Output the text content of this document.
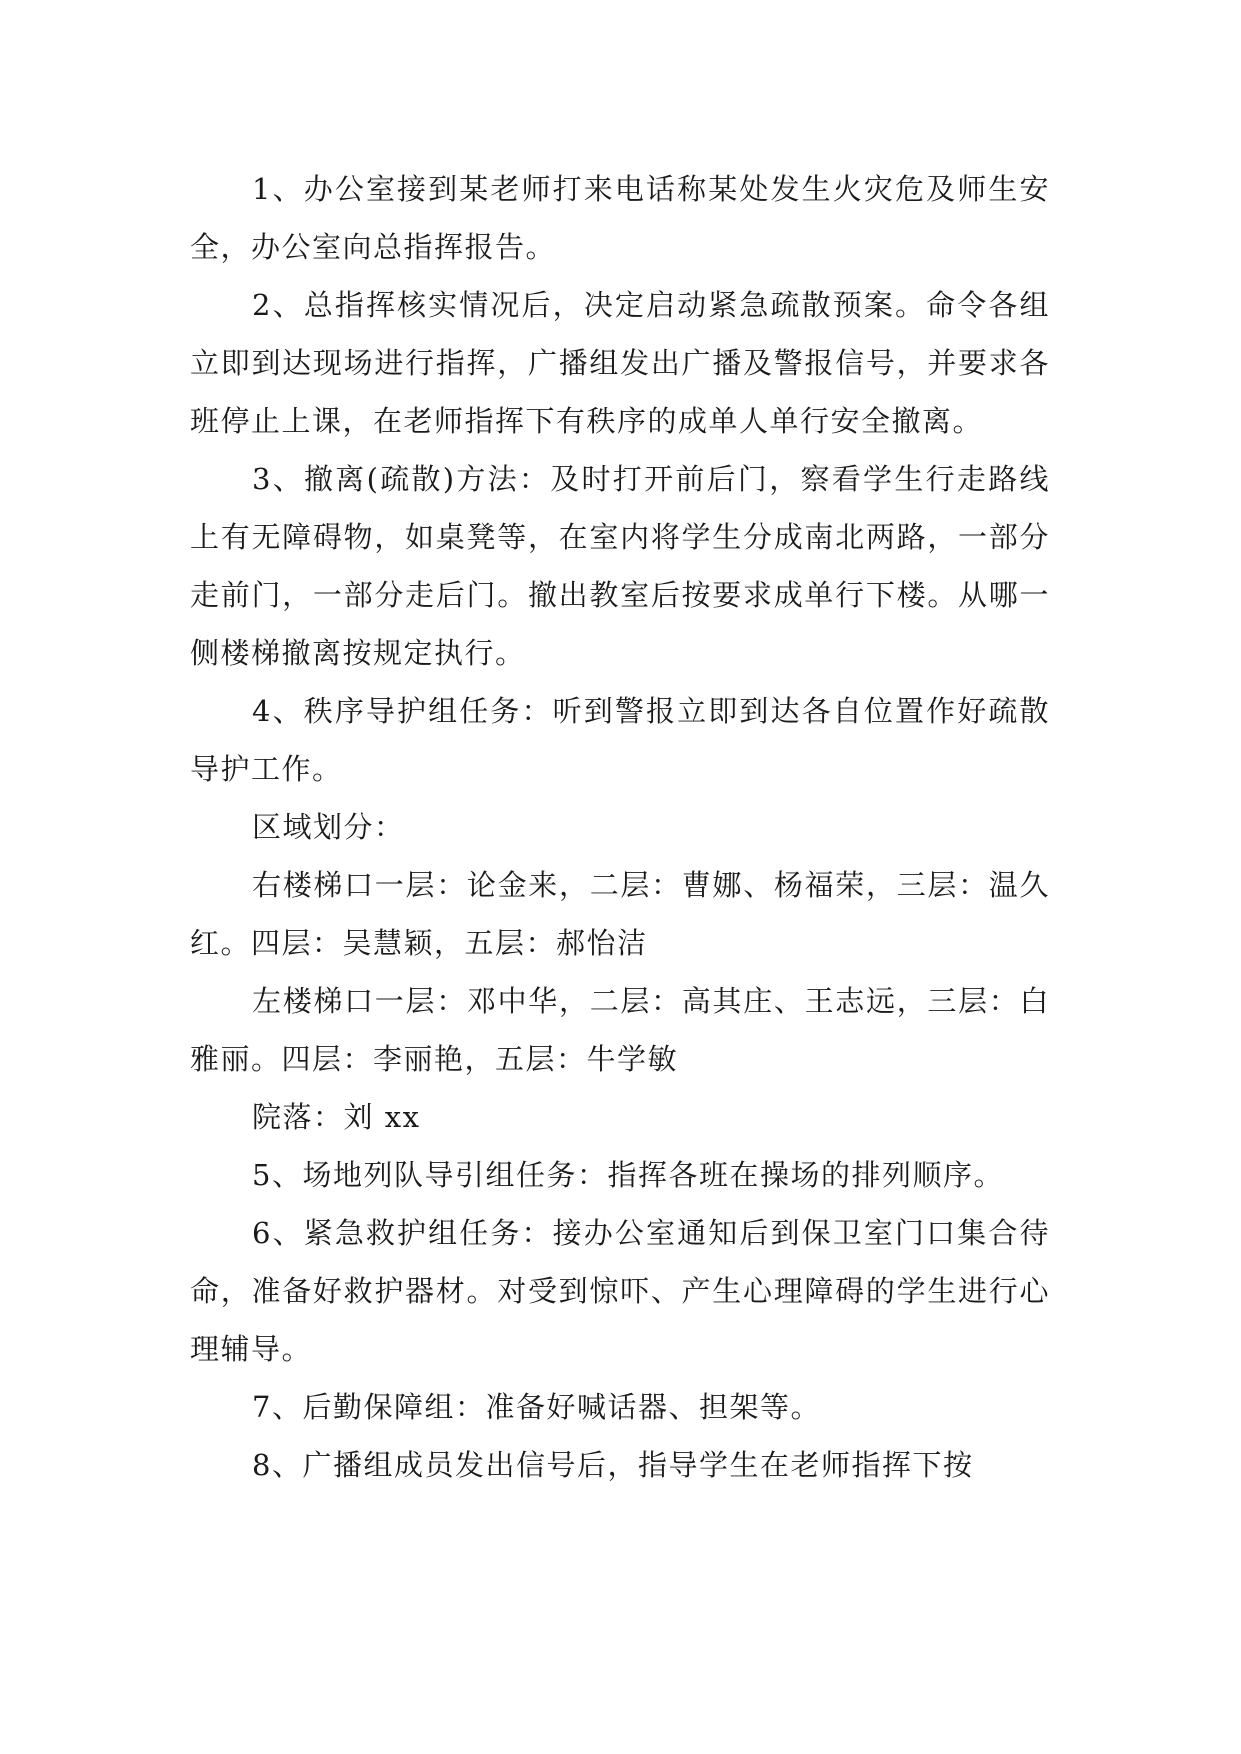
1、办公室接到某老师打来电话称某处发生火灾危及师生安全，办公室向总指挥报告。

2、总指挥核实情况后，决定启动紧急疏散预案。命令各组立即到达现场进行指挥，广播组发出广播及警报信号，并要求各班停止上课，在老师指挥下有秩序的成单人单行安全撤离。

3、撤离(疏散)方法：及时打开前后门，察看学生行走路线上有无障碍物，如桌凳等，在室内将学生分成南北两路，一部分走前门，一部分走后门。撤出教室后按要求成单行下楼。从哪一侧楼梯撤离按规定执行。

4、秩序导护组任务：听到警报立即到达各自位置作好疏散导护工作。

区域划分：

右楼梯口一层：论金来，二层：曹娜、杨福荣，三层：温久红。四层：吴慧颖，五层：郝怡洁

左楼梯口一层：邓中华，二层：高其庄、王志远，三层：白雅丽。四层：李丽艳，五层：牛学敏

院落：刘 xx

5、场地列队导引组任务：指挥各班在操场的排列顺序。

6、紧急救护组任务：接办公室通知后到保卫室门口集合待命，准备好救护器材。对受到惊吓、产生心理障碍的学生进行心理辅导。

7、后勤保障组：准备好喊话器、担架等。

8、广播组成员发出信号后，指导学生在老师指挥下按
